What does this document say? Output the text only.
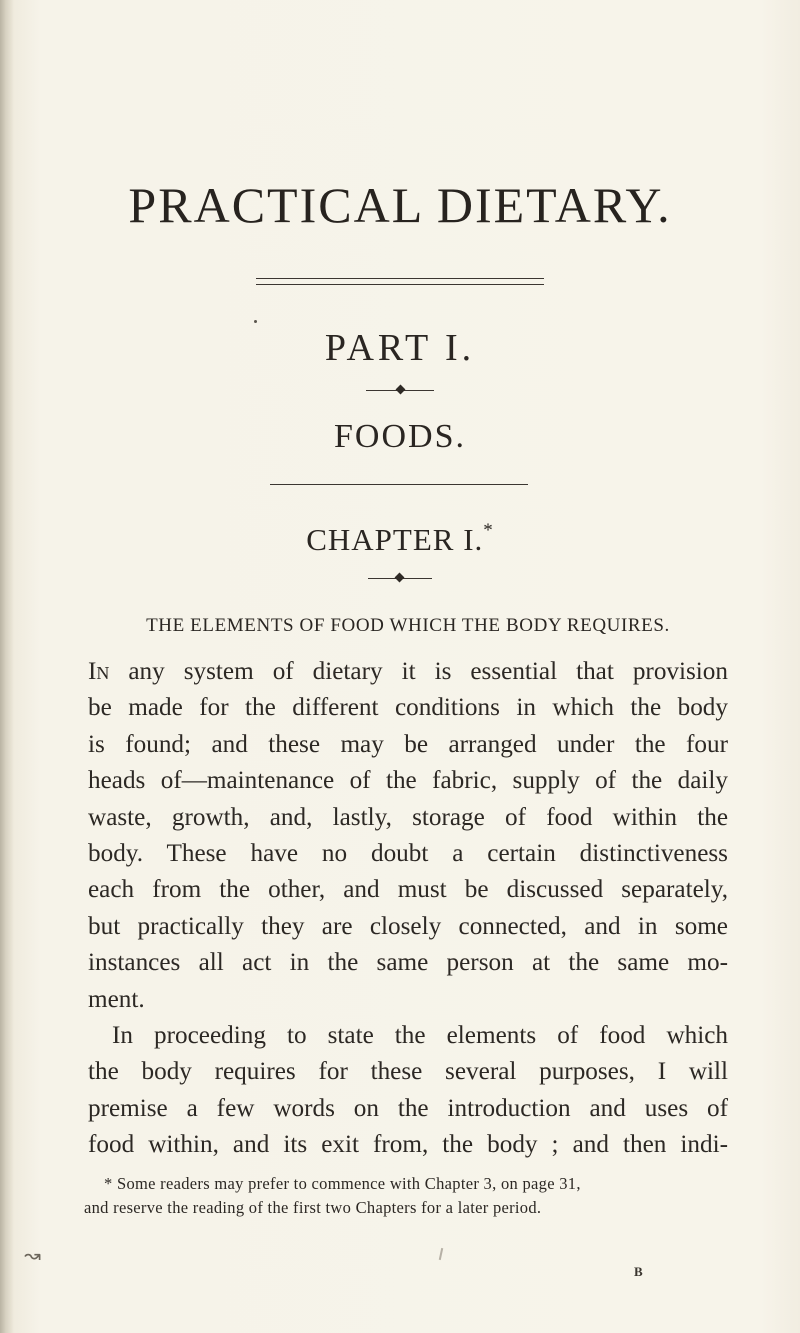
PRACTICAL DIETARY.
PART I.
FOODS.
CHAPTER I.*
THE ELEMENTS OF FOOD WHICH THE BODY REQUIRES.
In any system of dietary it is essential that provision
be made for the different conditions in which the body
is found; and these may be arranged under the four
heads of—maintenance of the fabric, supply of the daily
waste, growth, and, lastly, storage of food within the
body. These have no doubt a certain distinctiveness
each from the other, and must be discussed separately,
but practically they are closely connected, and in some
instances all act in the same person at the same mo-
ment.
In proceeding to state the elements of food which
the body requires for these several purposes, I will
premise a few words on the introduction and uses of
food within, and its exit from, the body ; and then indi-
* Some readers may prefer to commence with Chapter 3, on page 31,
and reserve the reading of the first two Chapters for a later period.
↝
B
